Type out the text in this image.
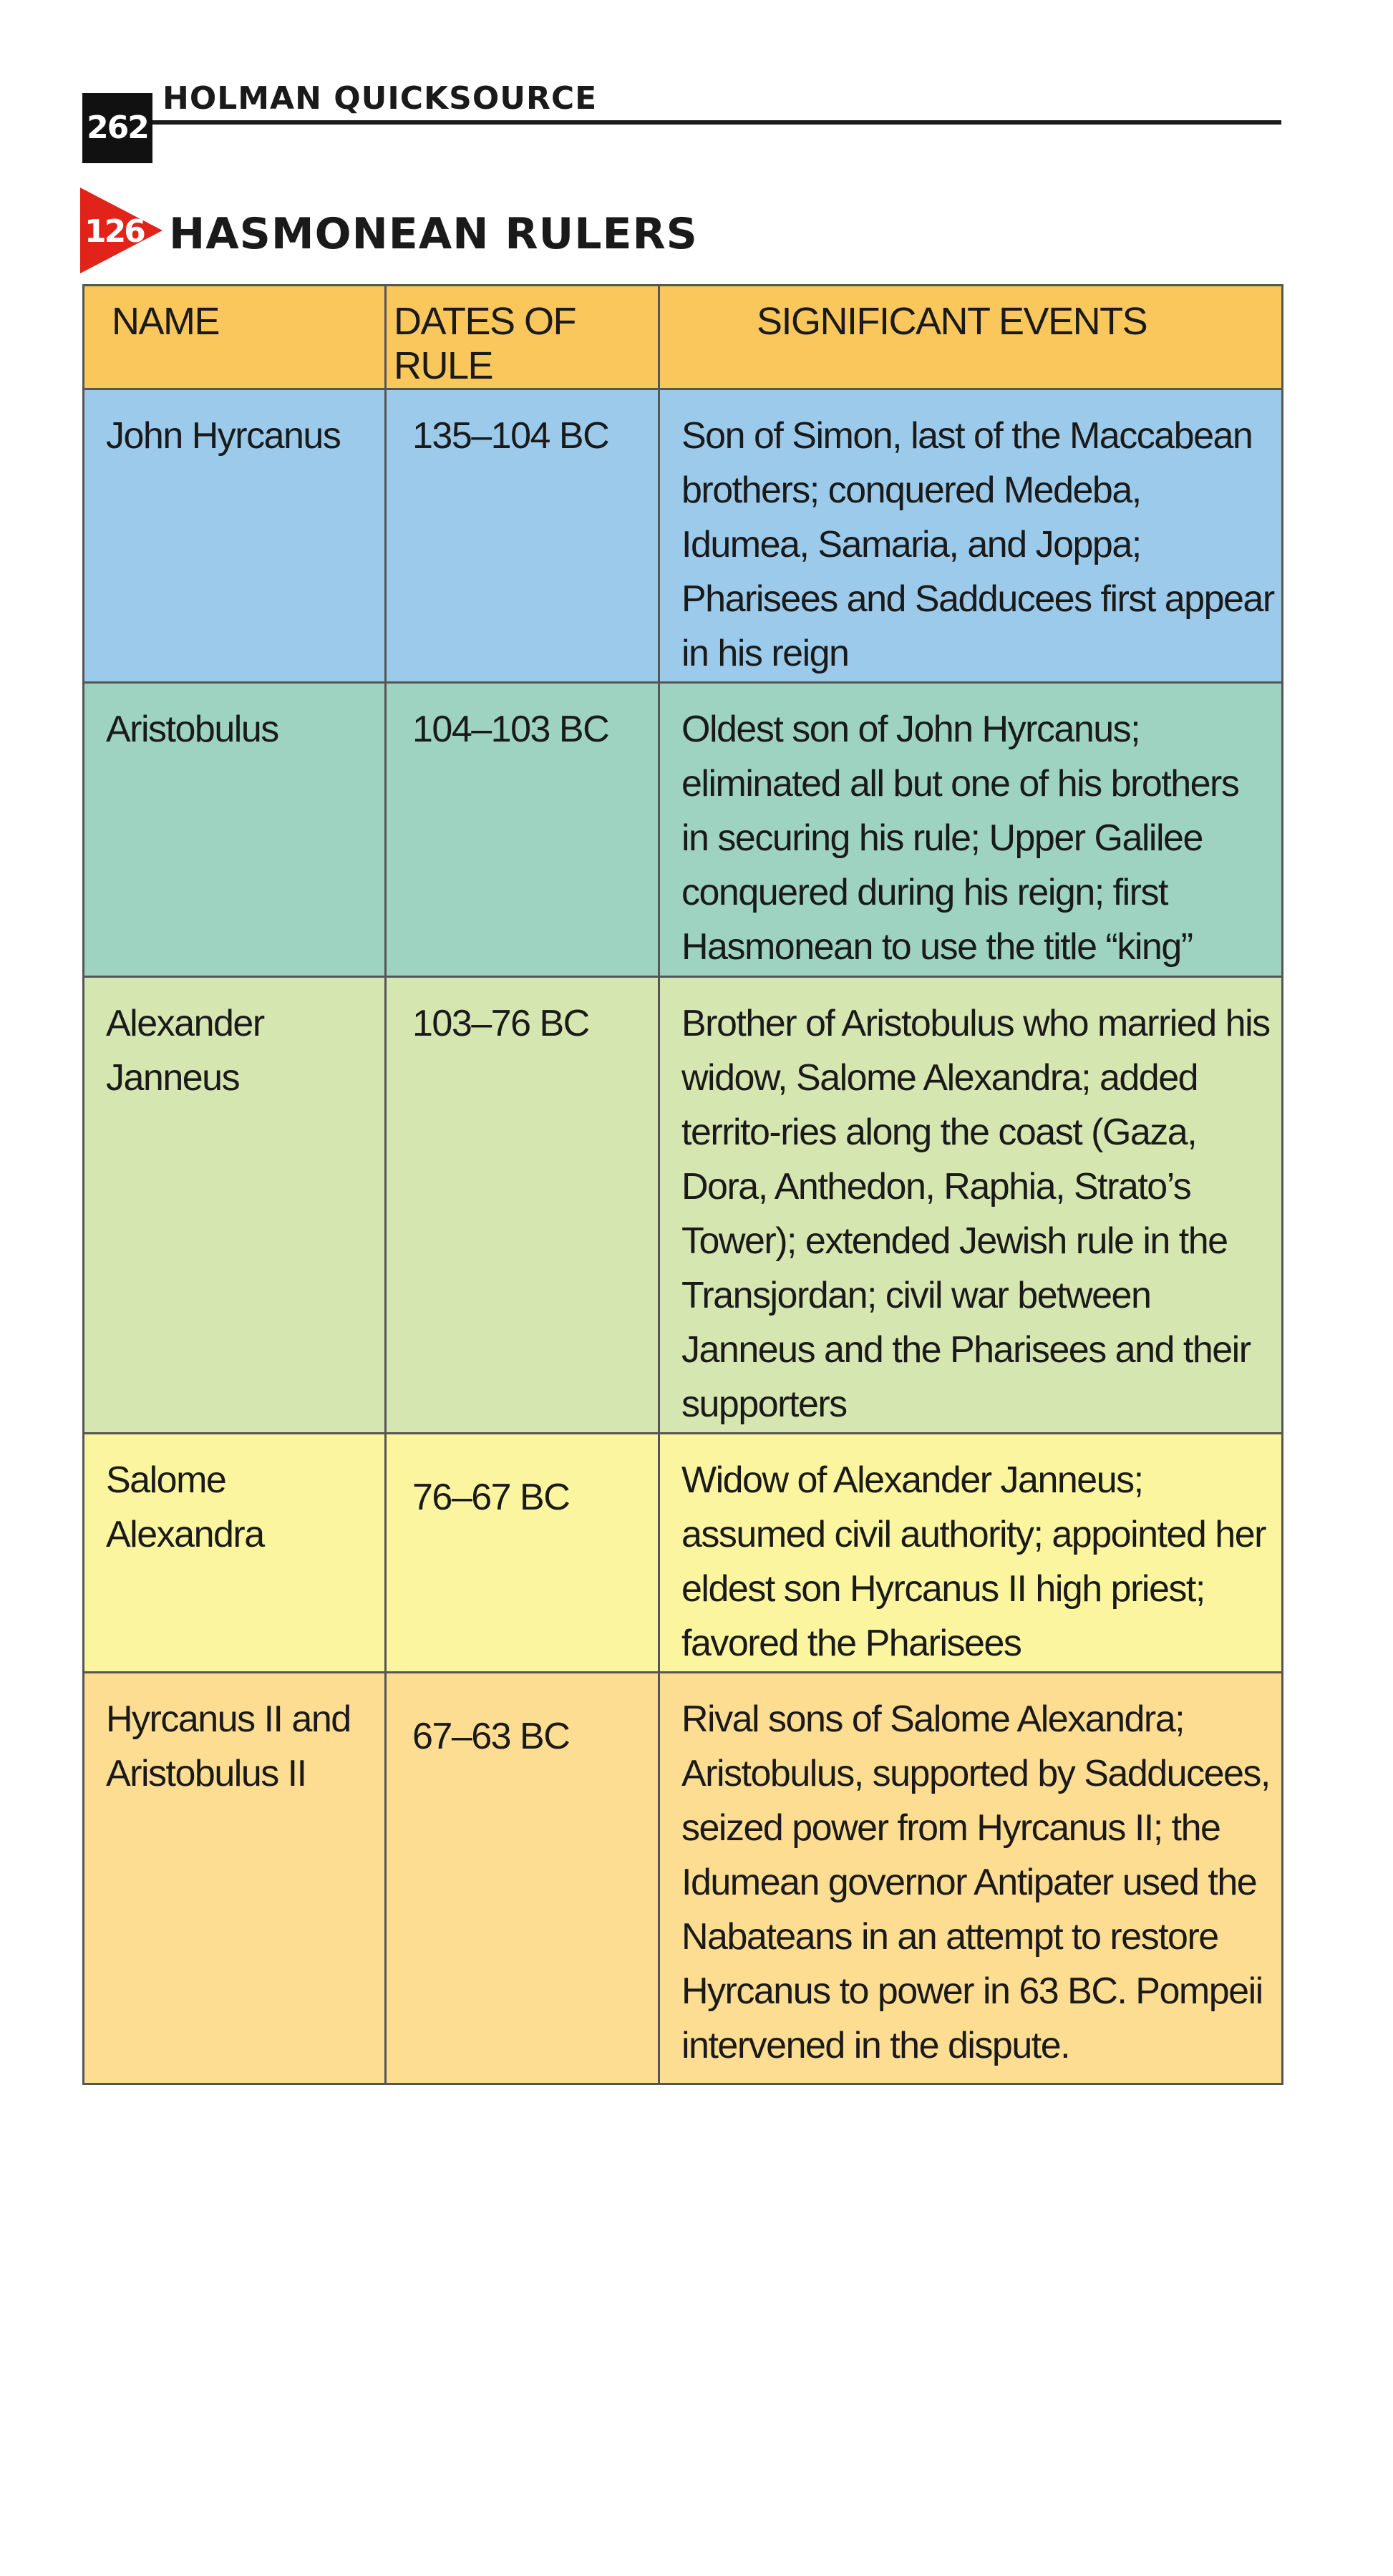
262
HOLMAN QUICKSOURCE
126 HASMONEAN RULERS
NAME	DATES OF RULE	SIGNIFICANT EVENTS
John Hyrcanus	135–104 BC	Son of Simon, last of the Maccabean brothers; conquered Medeba, Idumea, Samaria, and Joppa; Pharisees and Sadducees first appear in his reign
Aristobulus	104–103 BC	Oldest son of John Hyrcanus; eliminated all but one of his brothers in securing his rule; Upper Galilee conquered during his reign; first Hasmonean to use the title “king”
Alexander Janneus	103–76 BC	Brother of Aristobulus who married his widow, Salome Alexandra; added territo-ries along the coast (Gaza, Dora, Anthedon, Raphia, Strato’s Tower); extended Jewish rule in the Transjordan; civil war between Janneus and the Pharisees and their supporters
Salome Alexandra	76–67 BC	Widow of Alexander Janneus; assumed civil authority; appointed her eldest son Hyrcanus II high priest; favored the Pharisees
Hyrcanus II and Aristobulus II	67–63 BC	Rival sons of Salome Alexandra; Aristobulus, supported by Sadducees, seized power from Hyrcanus II; the Idumean governor Antipater used the Nabateans in an attempt to restore Hyrcanus to power in 63 BC. Pompeii intervened in the dispute.
